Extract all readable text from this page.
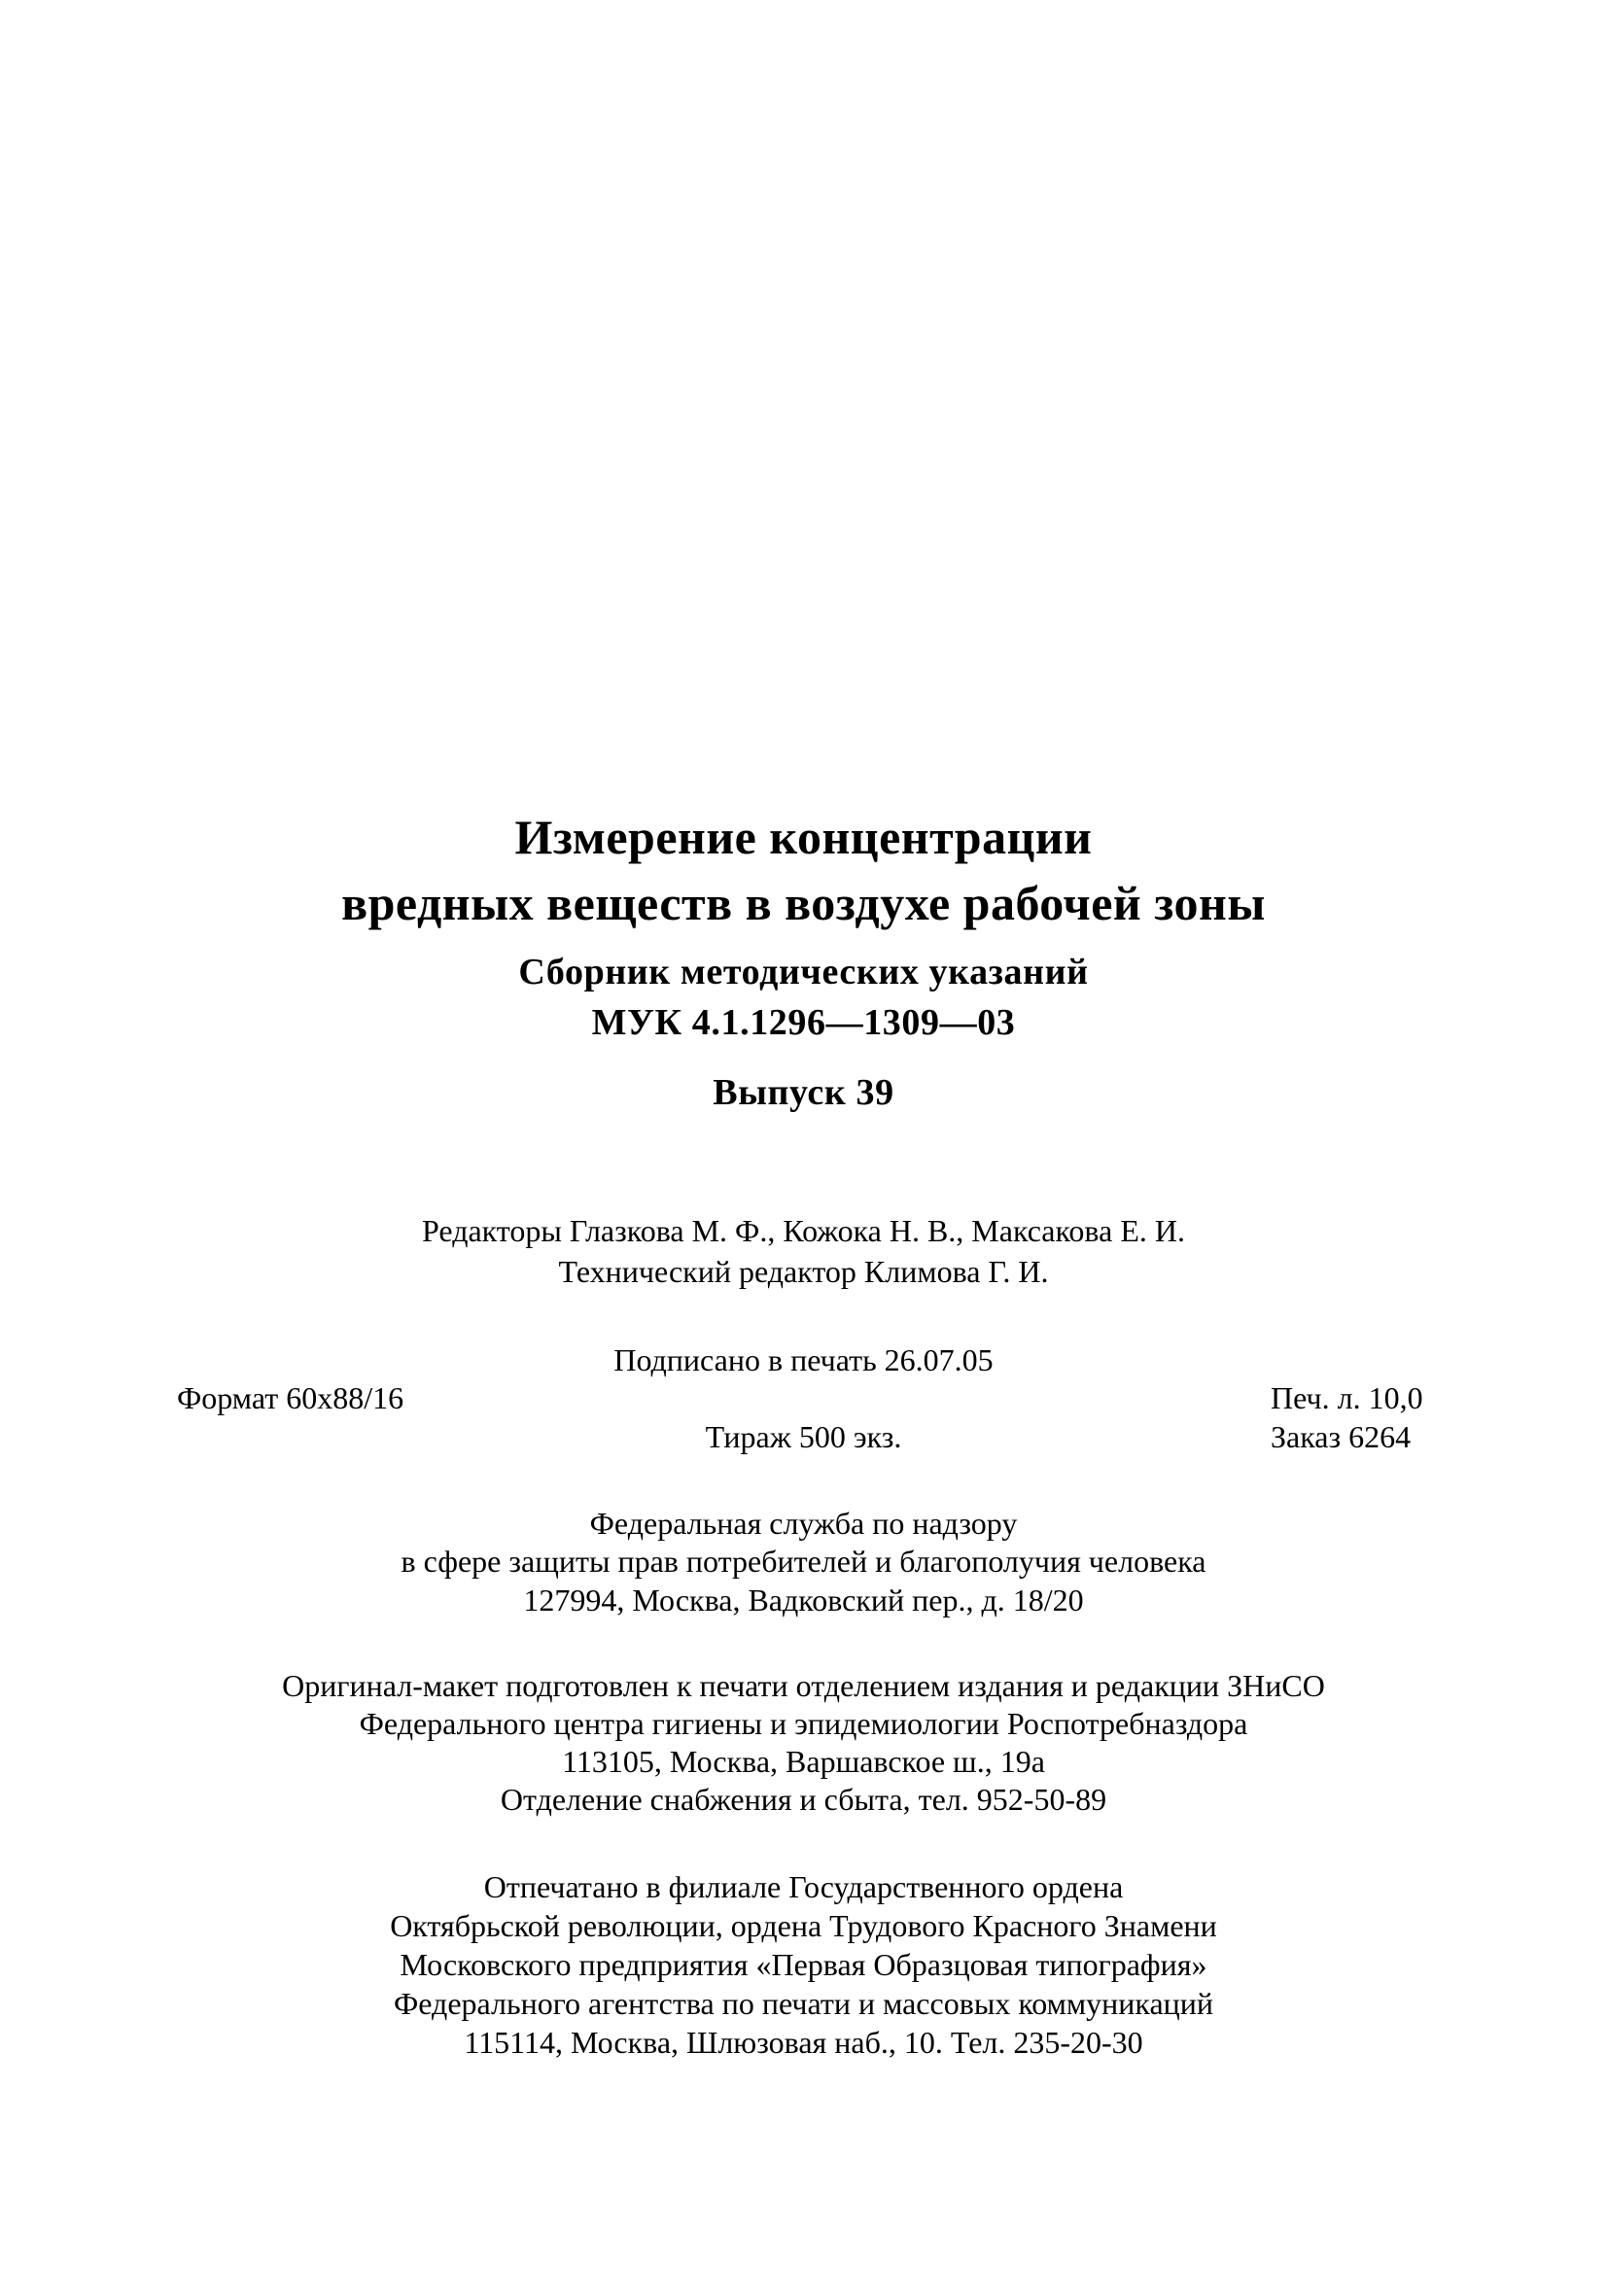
Измерение концентрации
вредных веществ в воздухе рабочей зоны
Сборник методических указаний
МУК 4.1.1296—1309—03
Выпуск 39
Редакторы Глазкова М. Ф., Кожока Н. В., Максакова Е. И.
Технический редактор Климова Г. И.
Подписано в печать 26.07.05
Формат 60x88/16	Печ. л. 10,0
Тираж 500 экз.	Заказ 6264
Федеральная служба по надзору
в сфере защиты прав потребителей и благополучия человека
127994, Москва, Вадковский пер., д. 18/20
Оригинал-макет подготовлен к печати отделением издания и редакции ЗНиСО
Федерального центра гигиены и эпидемиологии Роспотребназдора
113105, Москва, Варшавское ш., 19а
Отделение снабжения и сбыта, тел. 952-50-89
Отпечатано в филиале Государственного ордена
Октябрьской революции, ордена Трудового Красного Знамени
Московского предприятия «Первая Образцовая типография»
Федерального агентства по печати и массовых коммуникаций
115114, Москва, Шлюзовая наб., 10. Тел. 235-20-30
